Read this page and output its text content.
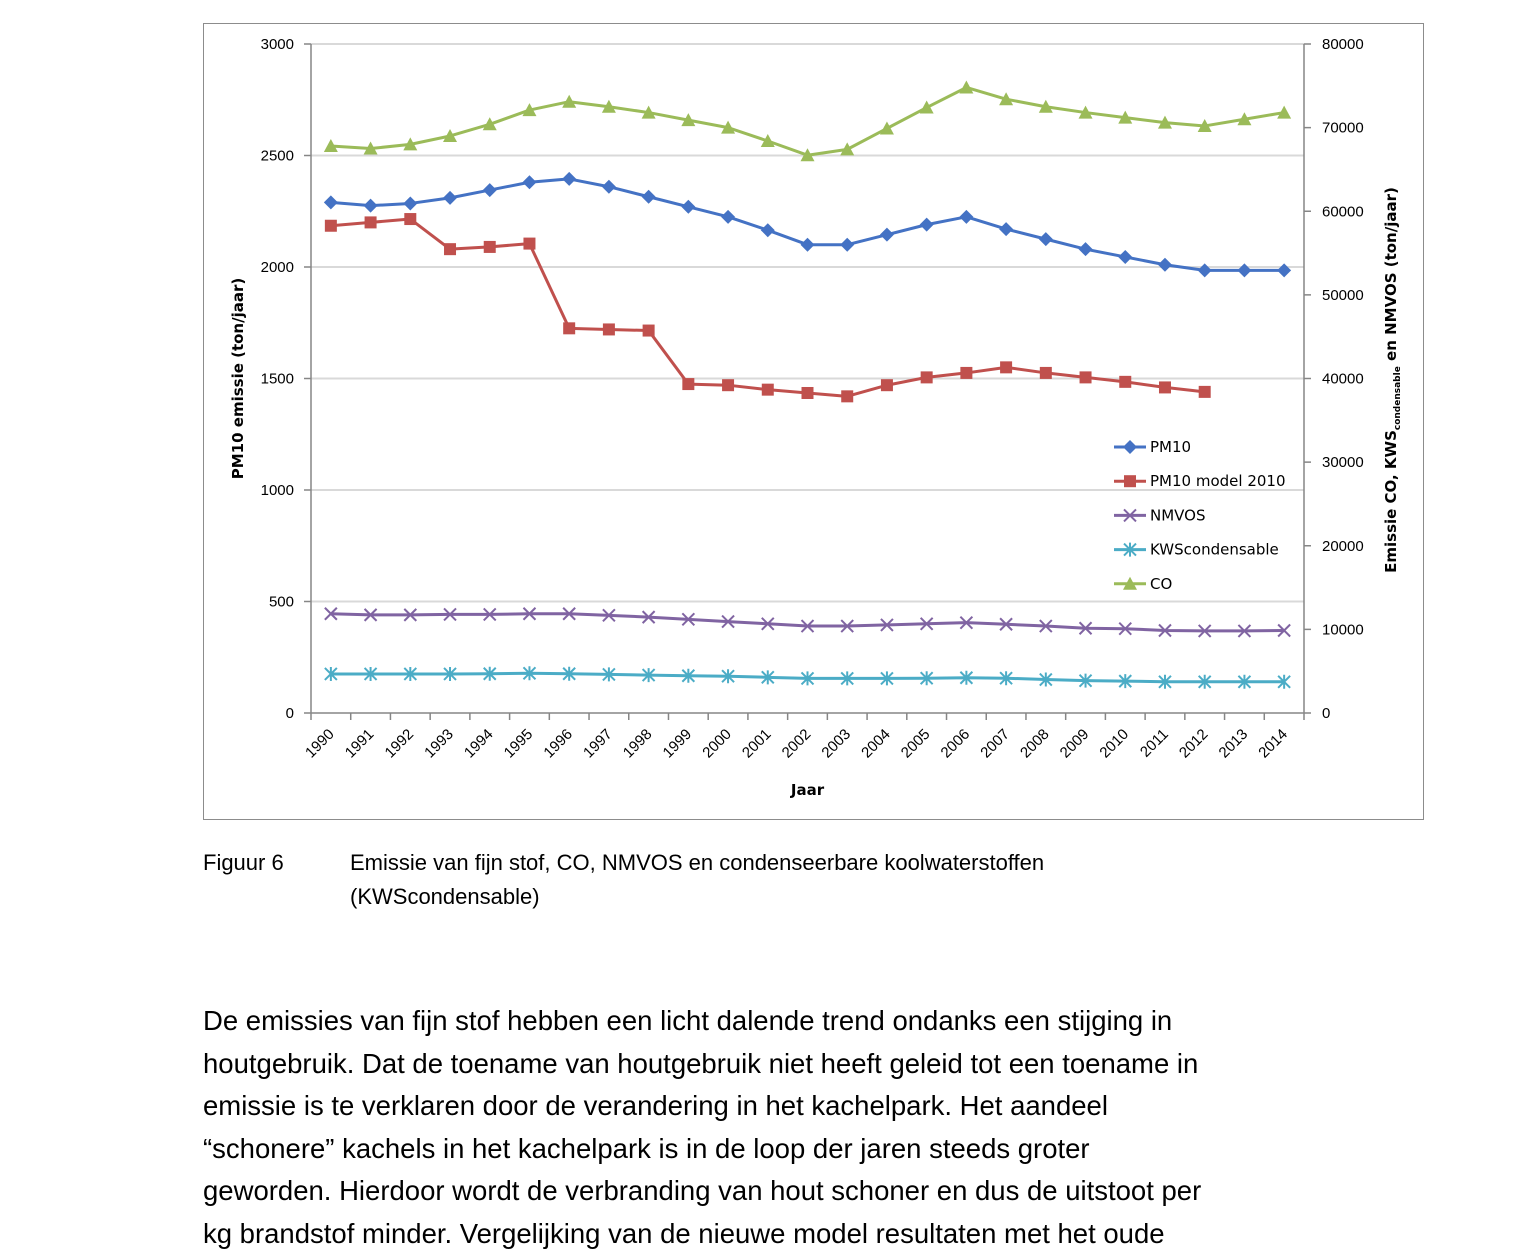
0
500
1000
1500
2000
2500
3000
0
10000
20000
30000
40000
50000
60000
70000
80000
1990 1991 1992 1993 1994 1995 1996 1997 1998 1999 2000 2001 2002 2003 2004 2005 2006 2007 2008 2009 2010 2011 2012 2013 2014
Jaar
PM10 emissie (ton/jaar)
Emissie CO, $KWS_{condensable}$ en NMVOS (ton/jaar)
PM10
PM10 model 2010
NMVOS
KWScondensable
CO
Figuur 6	Emissie van fijn stof, CO, NMVOS en condenseerbare koolwaterstoffen
(KWScondensable)

De emissies van fijn stof hebben een licht dalende trend ondanks een stijging in
houtgebruik. Dat de toename van houtgebruik niet heeft geleid tot een toename in
emissie is te verklaren door de verandering in het kachelpark. Het aandeel
“schonere” kachels in het kachelpark is in de loop der jaren steeds groter
geworden. Hierdoor wordt de verbranding van hout schoner en dus de uitstoot per
kg brandstof minder. Vergelijking van de nieuwe model resultaten met het oude
